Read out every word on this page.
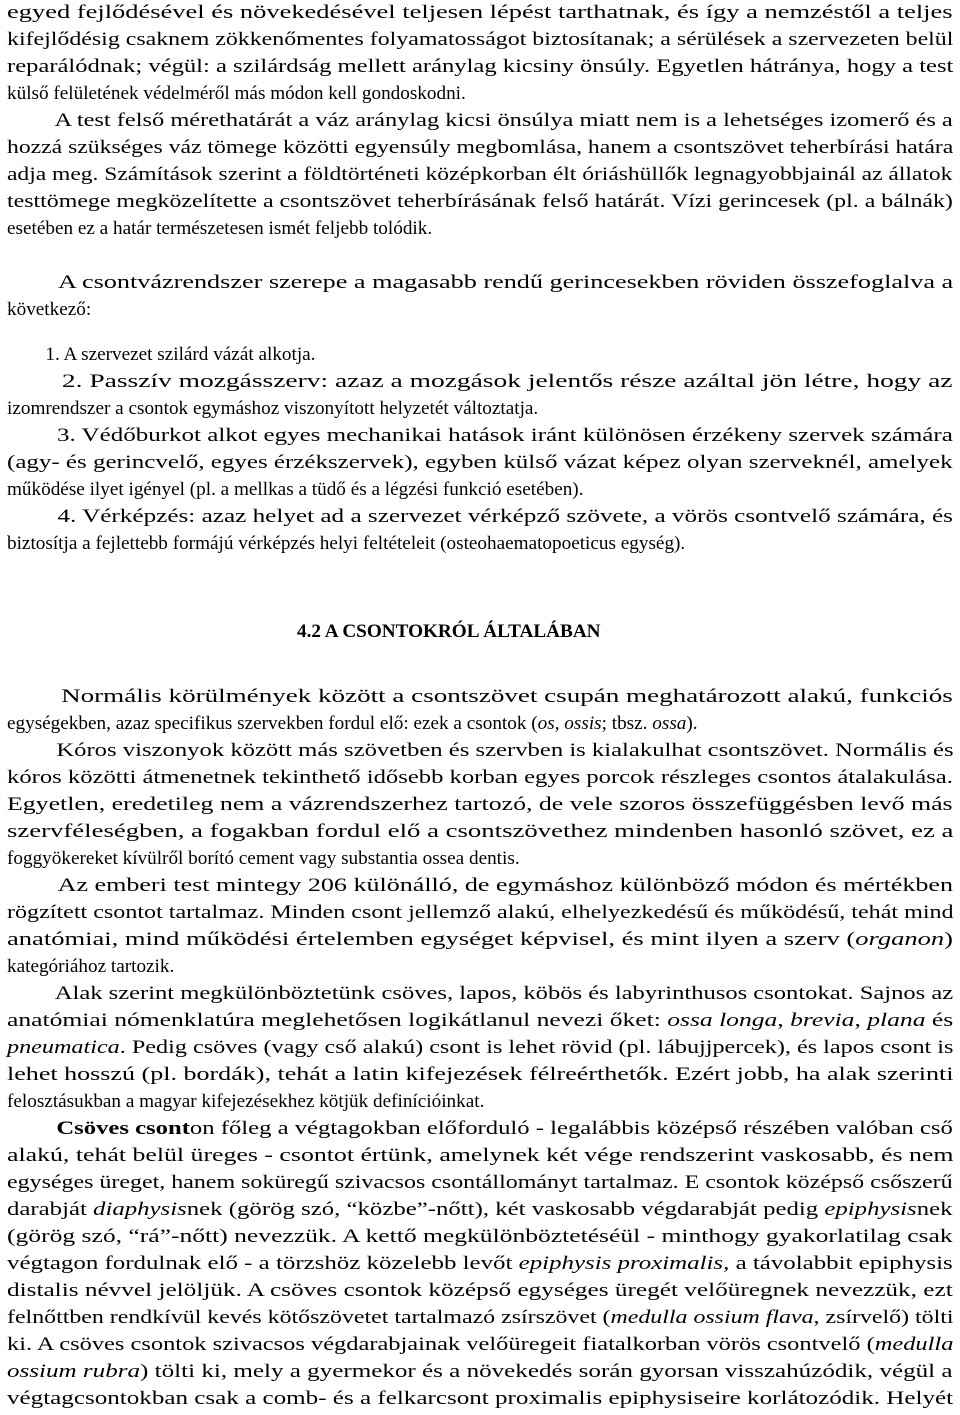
egyed fejlődésével és növekedésével teljesen lépést tarthatnak, és így a nemzéstől a teljes
kifejlődésig csaknem zökkenőmentes folyamatosságot biztosítanak; a sérülések a szervezeten belül
reparálódnak; végül: a szilárdság mellett aránylag kicsiny önsúly. Egyetlen hátránya, hogy a test
külső felületének védelméről más módon kell gondoskodni.
A test felső mérethatárát a váz aránylag kicsi önsúlya miatt nem is a lehetséges izomerő és a
hozzá szükséges váz tömege közötti egyensúly megbomlása, hanem a csontszövet teherbírási határa
adja meg. Számítások szerint a földtörténeti középkorban élt óriáshüllők legnagyobbjainál az állatok
testtömege megközelítette a csontszövet teherbírásának felső határát. Vízi gerincesek (pl. a bálnák)
esetében ez a határ természetesen ismét feljebb tolódik.
A csontvázrendszer szerepe a magasabb rendű gerincesekben röviden összefoglalva a
következő:
1. A szervezet szilárd vázát alkotja.
2. Passzív mozgásszerv: azaz a mozgások jelentős része azáltal jön létre, hogy az
izomrendszer a csontok egymáshoz viszonyított helyzetét változtatja.
3. Védőburkot alkot egyes mechanikai hatások iránt különösen érzékeny szervek számára
(agy- és gerincvelő, egyes érzékszervek), egyben külső vázat képez olyan szerveknél, amelyek
működése ilyet igényel (pl. a mellkas a tüdő és a légzési funkció esetében).
4. Vérképzés: azaz helyet ad a szervezet vérképző szövete, a vörös csontvelő számára, és
biztosítja a fejlettebb formájú vérképzés helyi feltételeit (osteohaematopoeticus egység).
4.2 A CSONTOKRÓL ÁLTALÁBAN
Normális körülmények között a csontszövet csupán meghatározott alakú, funkciós
egységekben, azaz specifikus szervekben fordul elő: ezek a csontok (os, ossis; tbsz. ossa).
Kóros viszonyok között más szövetben és szervben is kialakulhat csontszövet. Normális és
kóros közötti átmenetnek tekinthető idősebb korban egyes porcok részleges csontos átalakulása.
Egyetlen, eredetileg nem a vázrendszerhez tartozó, de vele szoros összefüggésben levő más
szervféleségben, a fogakban fordul elő a csontszövethez mindenben hasonló szövet, ez a
foggyökereket kívülről borító cement vagy substantia ossea dentis.
Az emberi test mintegy 206 különálló, de egymáshoz különböző módon és mértékben
rögzített csontot tartalmaz. Minden csont jellemző alakú, elhelyezkedésű és működésű, tehát mind
anatómiai, mind működési értelemben egységet képvisel, és mint ilyen a szerv (organon)
kategóriához tartozik.
Alak szerint megkülönböztetünk csöves, lapos, köbös és labyrinthusos csontokat. Sajnos az
anatómiai nómenklatúra meglehetősen logikátlanul nevezi őket: ossa longa, brevia, plana és
pneumatica. Pedig csöves (vagy cső alakú) csont is lehet rövid (pl. lábujjpercek), és lapos csont is
lehet hosszú (pl. bordák), tehát a latin kifejezések félreérthetők. Ezért jobb, ha alak szerinti
felosztásukban a magyar kifejezésekhez kötjük definícióinkat.
Csöves csonton főleg a végtagokban előforduló - legalábbis középső részében valóban cső
alakú, tehát belül üreges - csontot értünk, amelynek két vége rendszerint vaskosabb, és nem
egységes üreget, hanem soküregű szivacsos csontállományt tartalmaz. E csontok középső csőszerű
darabját diaphysisnek (görög szó, “közbe”-nőtt), két vaskosabb végdarabját pedig epiphysisnek
(görög szó, “rá”-nőtt) nevezzük. A kettő megkülönböztetéséül - minthogy gyakorlatilag csak
végtagon fordulnak elő - a törzshöz közelebb levőt epiphysis proximalis, a távolabbit epiphysis
distalis névvel jelöljük. A csöves csontok középső egységes üregét velőüregnek nevezzük, ezt
felnőttben rendkívül kevés kötőszövetet tartalmazó zsírszövet (medulla ossium flava, zsírvelő) tölti
ki. A csöves csontok szivacsos végdarabjainak velőüregeit fiatalkorban vörös csontvelő (medulla
ossium rubra) tölti ki, mely a gyermekor és a növekedés során gyorsan visszahúzódik, végül a
végtagcsontokban csak a comb- és a felkarcsont proximalis epiphysiseire korlátozódik. Helyét
